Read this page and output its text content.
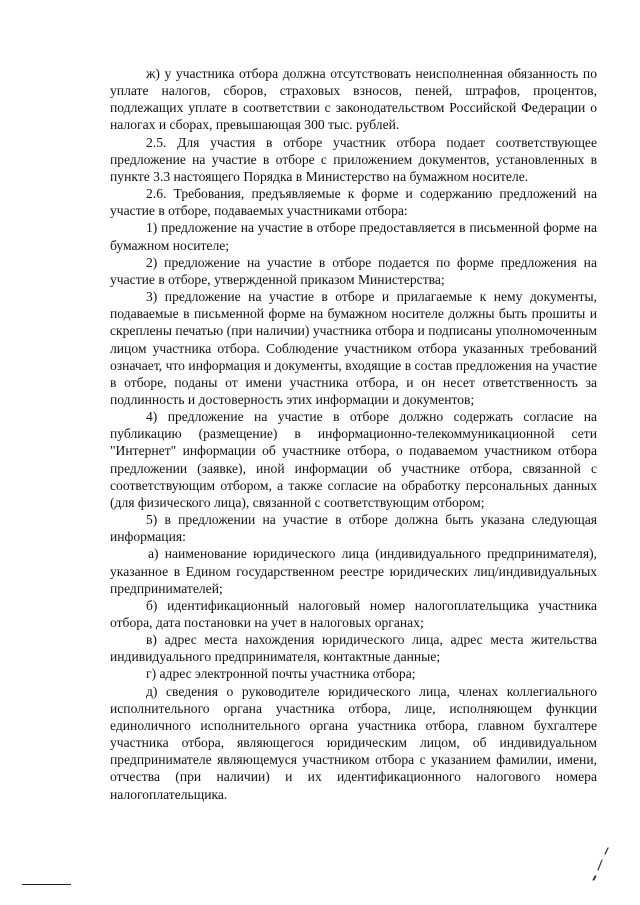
ж) у участника отбора должна отсутствовать неисполненная обязанность по уплате налогов, сборов, страховых взносов, пеней, штрафов, процентов, подлежащих уплате в соответствии с законодательством Российской Федерации о налогах и сборах, превышающая 300 тыс. рублей.

2.5. Для участия в отборе участник отбора подает соответствующее предложение на участие в отборе с приложением документов, установленных в пункте 3.3 настоящего Порядка в Министерство на бумажном носителе.

2.6. Требования, предъявляемые к форме и содержанию предложений на участие в отборе, подаваемых участниками отбора:

1) предложение на участие в отборе предоставляется в письменной форме на бумажном носителе;

2) предложение на участие в отборе подается по форме предложения на участие в отборе, утвержденной приказом Министерства;

3) предложение на участие в отборе и прилагаемые к нему документы, подаваемые в письменной форме на бумажном носителе должны быть прошиты и скреплены печатью (при наличии) участника отбора и подписаны уполномоченным лицом участника отбора. Соблюдение участником отбора указанных требований означает, что информация и документы, входящие в состав предложения на участие в отборе, поданы от имени участника отбора, и он несет ответственность за подлинность и достоверность этих информации и документов;

4) предложение на участие в отборе должно содержать согласие на публикацию (размещение) в информационно-телекоммуникационной сети "Интернет" информации об участнике отбора, о подаваемом участником отбора предложении (заявке), иной информации об участнике отбора, связанной с соответствующим отбором, а также согласие на обработку персональных данных (для физического лица), связанной с соответствующим отбором;

5) в предложении на участие в отборе должна быть указана следующая информация:

а) наименование юридического лица (индивидуального предпринимателя), указанное в Едином государственном реестре юридических лиц/индивидуальных предпринимателей;

б) идентификационный налоговый номер налогоплательщика участника отбора, дата постановки на учет в налоговых органах;

в) адрес места нахождения юридического лица, адрес места жительства индивидуального предпринимателя, контактные данные;

г) адрес электронной почты участника отбора;

д) сведения о руководителе юридического лица, членах коллегиального исполнительного органа участника отбора, лице, исполняющем функции единоличного исполнительного органа участника отбора, главном бухгалтере участника отбора, являющегося юридическим лицом, об индивидуальном предпринимателе являющемуся участником отбора с указанием фамилии, имени, отчества (при наличии) и их идентификационного налогового номера налогоплательщика.
